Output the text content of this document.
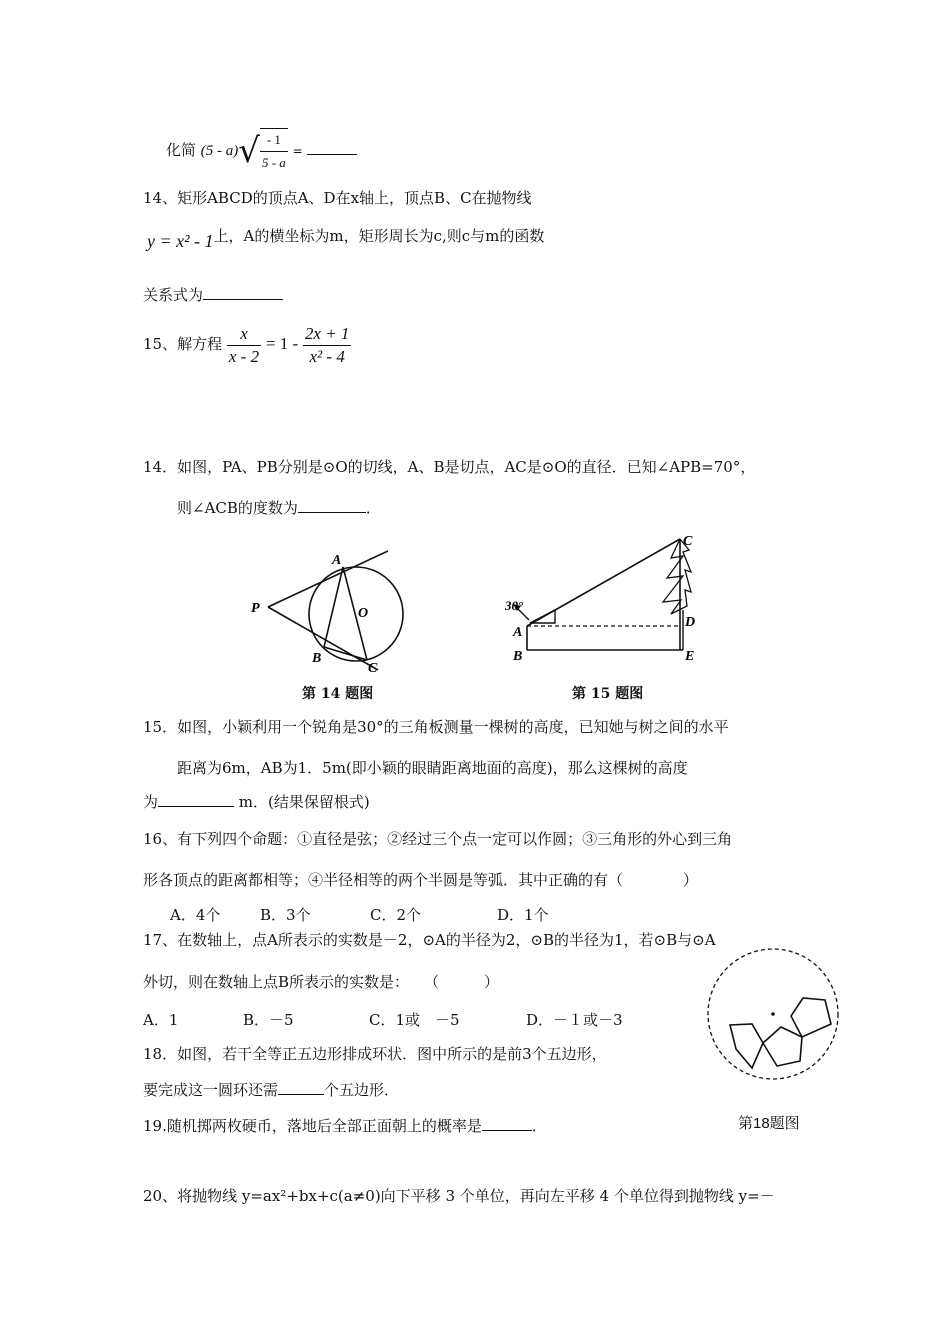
化简 $(5 - a)√ \frac{- 1}{5 - a}$ =
14、矩形ABCD的顶点A、D在x轴上，顶点B、C在抛物线
y = x² - 1上，A的横坐标为m，矩形周长为c,则c与m的函数
关系式为
15、解方程 $\frac{x}{x - 2} = 1 - \frac{2x + 1}{\text{x² - 4}}$
14．如图，PA、PB分别是⊙O的切线，A、B是切点，AC是⊙O的直径．已知∠APB=70°，
则∠ACB的度数为	．
A
P	O
B
C
第 14 题图
30°
C
A
D
B	E
第 15 题图
15．如图，小颖利用一个锐角是30°的三角板测量一棵树的高度，已知她与树之间的水平
距离为6m，AB为1．5m(即小颖的眼睛距离地面的高度)，那么这棵树的高度
为	m．(结果保留根式)
16、有下列四个命题：①直径是弦；②经过三个点一定可以作圆；③三角形的外心到三角
形各顶点的距离都相等；④半径相等的两个半圆是等弧．其中正确的有（　　　　）
A．4个	B．3个	C．2个	D．1个
17、在数轴上，点A所表示的实数是－2，⊙A的半径为2，⊙B的半径为1，若⊙B与⊙A
外切，则在数轴上点B所表示的实数是：　　（　　　）
A．1	B．－5	C．1或　－5	D．－１或－3
18．如图，若干全等正五边形排成环状．图中所示的是前3个五边形，
要完成这一圆环还需	个五边形．
第18题图
19.随机掷两枚硬币，落地后全部正面朝上的概率是	．
20、将抛物线 y=ax²+bx+c(a≠0)向下平移 3 个单位，再向左平移 4 个单位得到抛物线 y=－
